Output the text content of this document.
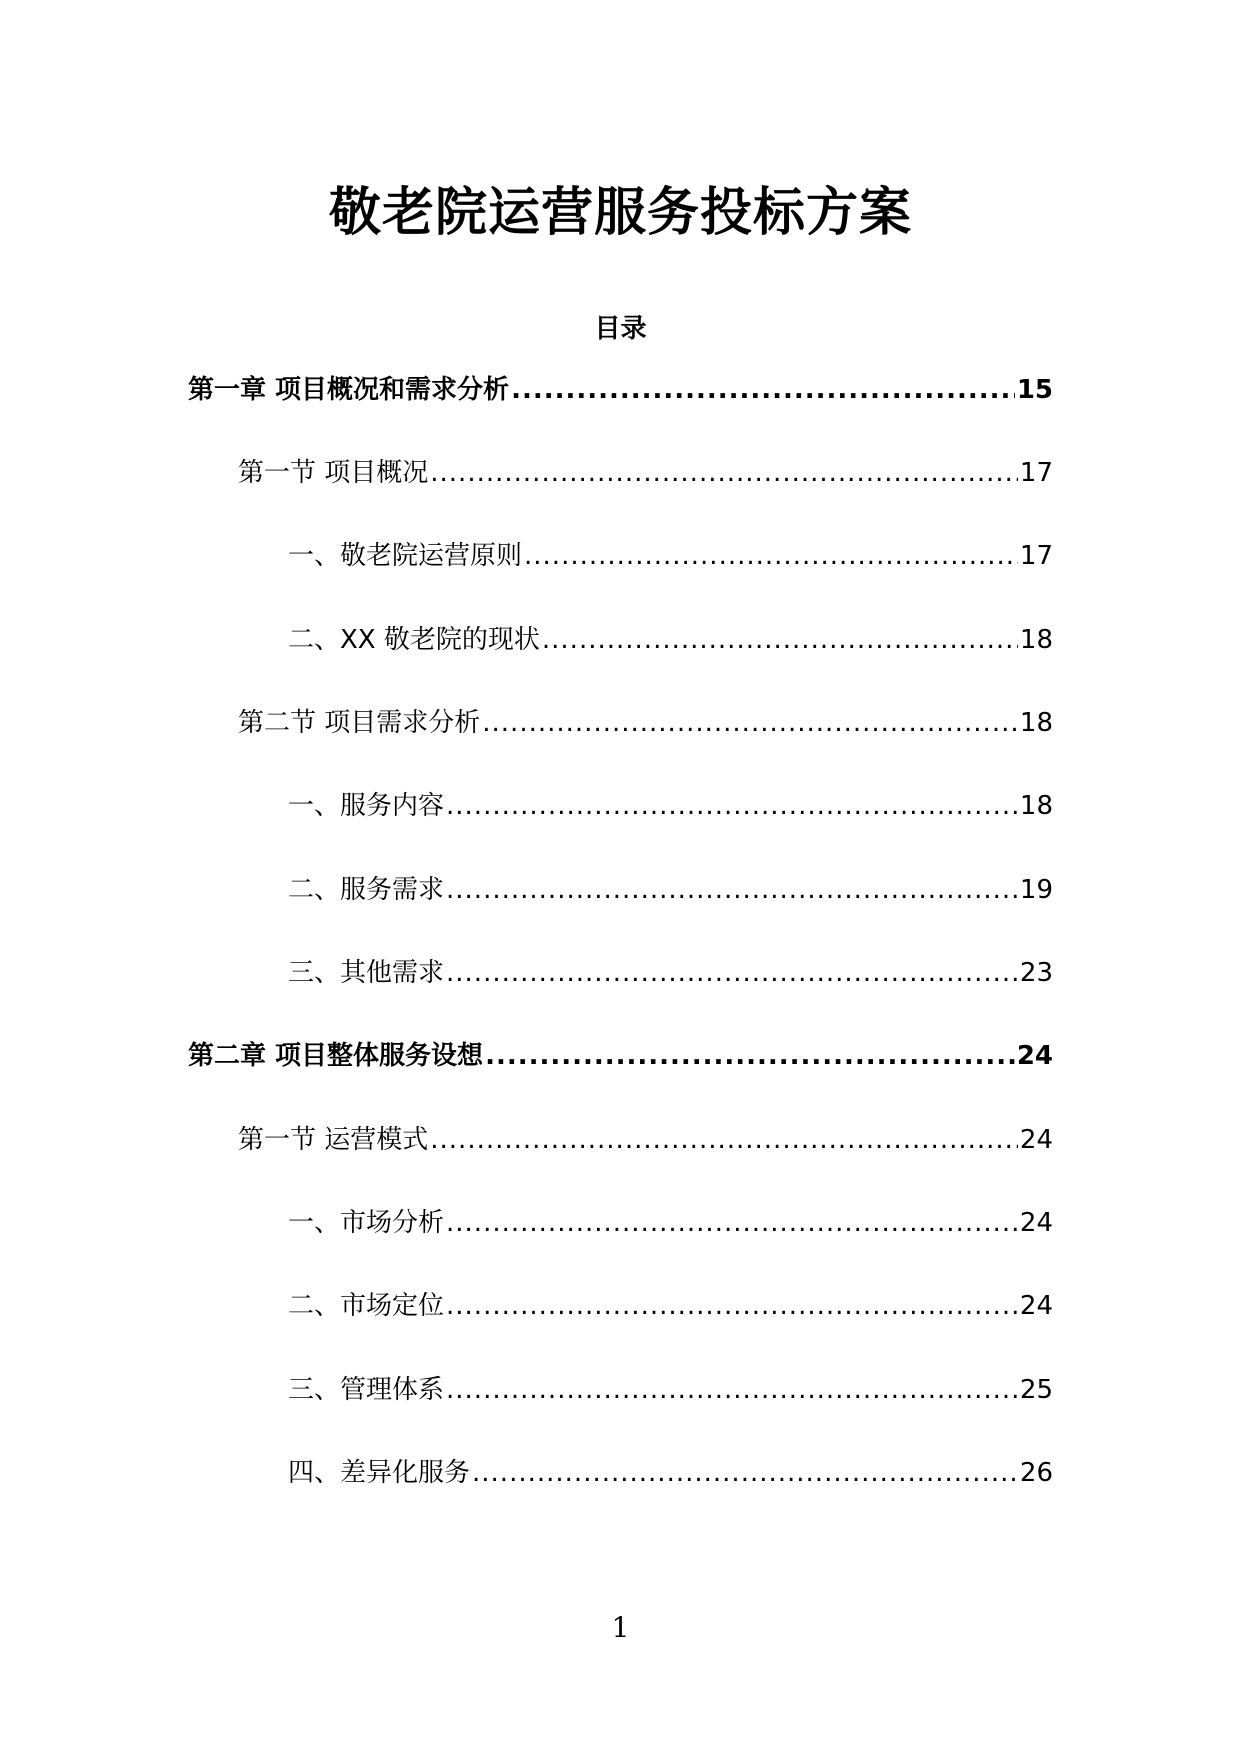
敬老院运营服务投标方案
目录
第一章 项目概况和需求分析 .....	15
第一节 项目概况 .....	17
一、敬老院运营原则 .....	17
二、XX 敬老院的现状 .....	18
第二节 项目需求分析 .....	18
一、服务内容 .....	18
二、服务需求 .....	19
三、其他需求 .....	23
第二章 项目整体服务设想 .....	24
第一节 运营模式 .....	24
一、市场分析 .....	24
二、市场定位 .....	24
三、管理体系 .....	25
四、差异化服务 .....	26
1
